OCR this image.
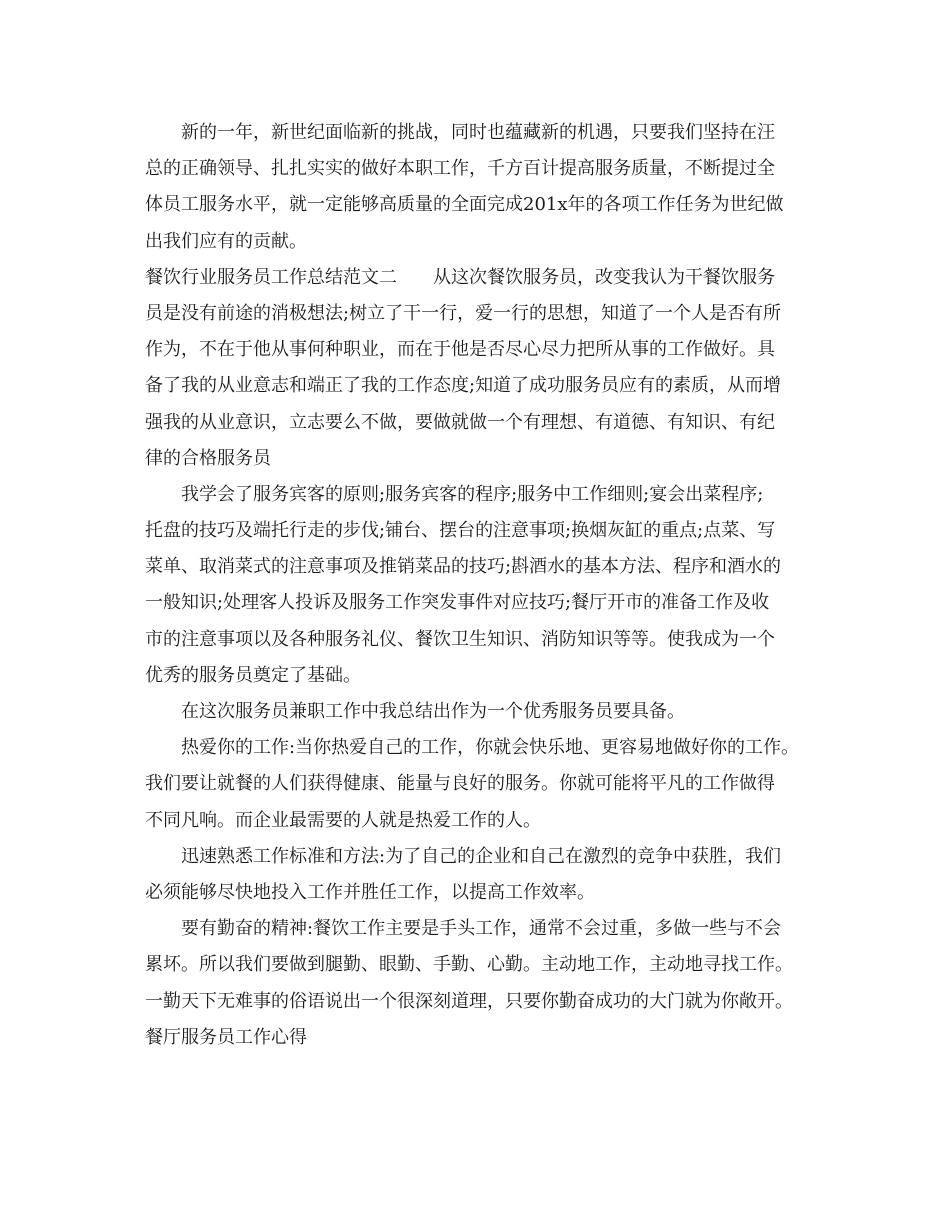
新的一年，新世纪面临新的挑战，同时也蕴藏新的机遇，只要我们坚持在汪
总的正确领导、扎扎实实的做好本职工作，千方百计提高服务质量，不断提过全
体员工服务水平，就一定能够高质量的全面完成201x年的各项工作任务为世纪做
出我们应有的贡献。
餐饮行业服务员工作总结范文二 从这次餐饮服务员，改变我认为干餐饮服务
员是没有前途的消极想法;树立了干一行，爱一行的思想，知道了一个人是否有所
作为，不在于他从事何种职业，而在于他是否尽心尽力把所从事的工作做好。具
备了我的从业意志和端正了我的工作态度;知道了成功服务员应有的素质，从而增
强我的从业意识，立志要么不做，要做就做一个有理想、有道德、有知识、有纪
律的合格服务员
我学会了服务宾客的原则;服务宾客的程序;服务中工作细则;宴会出菜程序;
托盘的技巧及端托行走的步伐;铺台、摆台的注意事项;换烟灰缸的重点;点菜、写
菜单、取消菜式的注意事项及推销菜品的技巧;斟酒水的基本方法、程序和酒水的
一般知识;处理客人投诉及服务工作突发事件对应技巧;餐厅开市的准备工作及收
市的注意事项以及各种服务礼仪、餐饮卫生知识、消防知识等等。使我成为一个
优秀的服务员奠定了基础。
在这次服务员兼职工作中我总结出作为一个优秀服务员要具备。
热爱你的工作:当你热爱自己的工作，你就会快乐地、更容易地做好你的工作。
我们要让就餐的人们获得健康、能量与良好的服务。你就可能将平凡的工作做得
不同凡响。而企业最需要的人就是热爱工作的人。
迅速熟悉工作标准和方法:为了自己的企业和自己在激烈的竞争中获胜，我们
必须能够尽快地投入工作并胜任工作，以提高工作效率。
要有勤奋的精神:餐饮工作主要是手头工作，通常不会过重，多做一些与不会
累坏。所以我们要做到腿勤、眼勤、手勤、心勤。主动地工作，主动地寻找工作。
一勤天下无难事的俗语说出一个很深刻道理，只要你勤奋成功的大门就为你敞开。
餐厅服务员工作心得
